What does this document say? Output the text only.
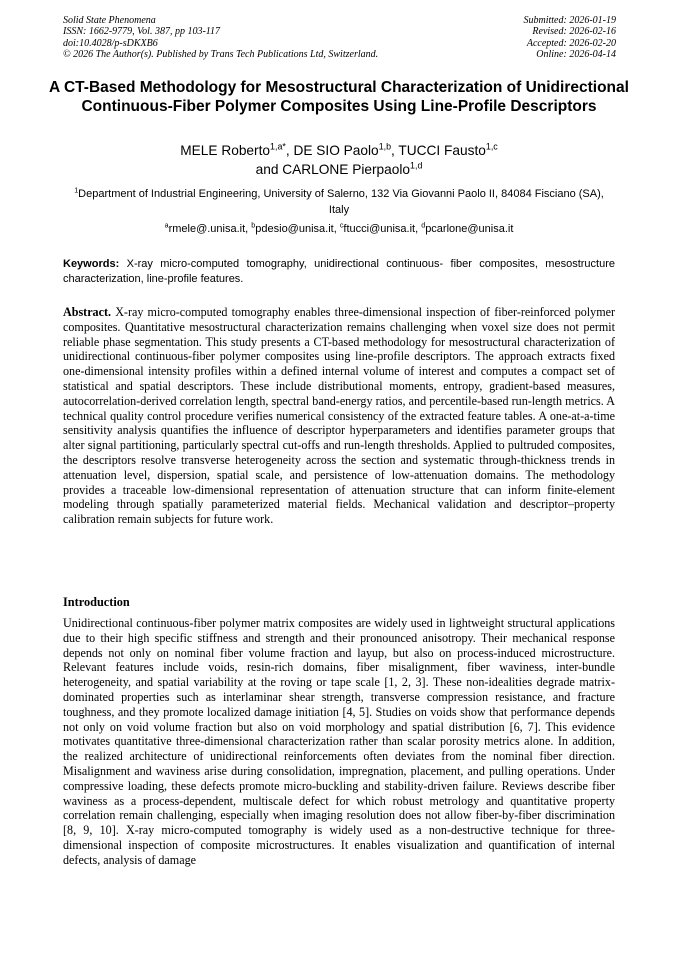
Solid State Phenomena
ISSN: 1662-9779, Vol. 387, pp 103-117
doi:10.4028/p-sDKXB6
© 2026 The Author(s). Published by Trans Tech Publications Ltd, Switzerland.
Submitted: 2026-01-19
Revised: 2026-02-16
Accepted: 2026-02-20
Online: 2026-04-14
A CT-Based Methodology for Mesostructural Characterization of Unidirectional Continuous-Fiber Polymer Composites Using Line-Profile Descriptors
MELE Roberto$^{1,a*}$, DE SIO Paolo$^{1,b}$, TUCCI Fausto$^{1,c}$
and CARLONE Pierpaolo$^{1,d}$
$^1$Department of Industrial Engineering, University of Salerno, 132 Via Giovanni Paolo II, 84084 Fisciano (SA), Italy
$^a$rmele@.unisa.it, $^b$pdesio@unisa.it, $^c$ftucci@unisa.it, $^d$pcarlone@unisa.it
Keywords: X-ray micro-computed tomography, unidirectional continuous- fiber composites, mesostructure characterization, line-profile features.
Abstract. X-ray micro-computed tomography enables three-dimensional inspection of fiber-reinforced polymer composites. Quantitative mesostructural characterization remains challenging when voxel size does not permit reliable phase segmentation. This study presents a CT-based methodology for mesostructural characterization of unidirectional continuous-fiber polymer composites using line-profile descriptors. The approach extracts fixed one-dimensional intensity profiles within a defined internal volume of interest and computes a compact set of statistical and spatial descriptors. These include distributional moments, entropy, gradient-based measures, autocorrelation-derived correlation length, spectral band-energy ratios, and percentile-based run-length metrics. A technical quality control procedure verifies numerical consistency of the extracted feature tables. A one-at-a-time sensitivity analysis quantifies the influence of descriptor hyperparameters and identifies parameter groups that alter signal partitioning, particularly spectral cut-offs and run-length thresholds. Applied to pultruded composites, the descriptors resolve transverse heterogeneity across the section and systematic through-thickness trends in attenuation level, dispersion, spatial scale, and persistence of low-attenuation domains. The methodology provides a traceable low-dimensional representation of attenuation structure that can inform finite-element modeling through spatially parameterized material fields. Mechanical validation and descriptor–property calibration remain subjects for future work.
Introduction
Unidirectional continuous-fiber polymer matrix composites are widely used in lightweight structural applications due to their high specific stiffness and strength and their pronounced anisotropy. Their mechanical response depends not only on nominal fiber volume fraction and layup, but also on process-induced microstructure. Relevant features include voids, resin-rich domains, fiber misalignment, fiber waviness, inter-bundle heterogeneity, and spatial variability at the roving or tape scale [1, 2, 3]. These non-idealities degrade matrix-dominated properties such as interlaminar shear strength, transverse compression resistance, and fracture toughness, and they promote localized damage initiation [4, 5]. Studies on voids show that performance depends not only on void volume fraction but also on void morphology and spatial distribution [6, 7]. This evidence motivates quantitative three-dimensional characterization rather than scalar porosity metrics alone. In addition, the realized architecture of unidirectional reinforcements often deviates from the nominal fiber direction. Misalignment and waviness arise during consolidation, impregnation, placement, and pulling operations. Under compressive loading, these defects promote micro-buckling and stability-driven failure. Reviews describe fiber waviness as a process-dependent, multiscale defect for which robust metrology and quantitative property correlation remain challenging, especially when imaging resolution does not allow fiber-by-fiber discrimination [8, 9, 10]. X-ray micro-computed tomography is widely used as a non-destructive technique for three-dimensional inspection of composite microstructures. It enables visualization and quantification of internal defects, analysis of damage
